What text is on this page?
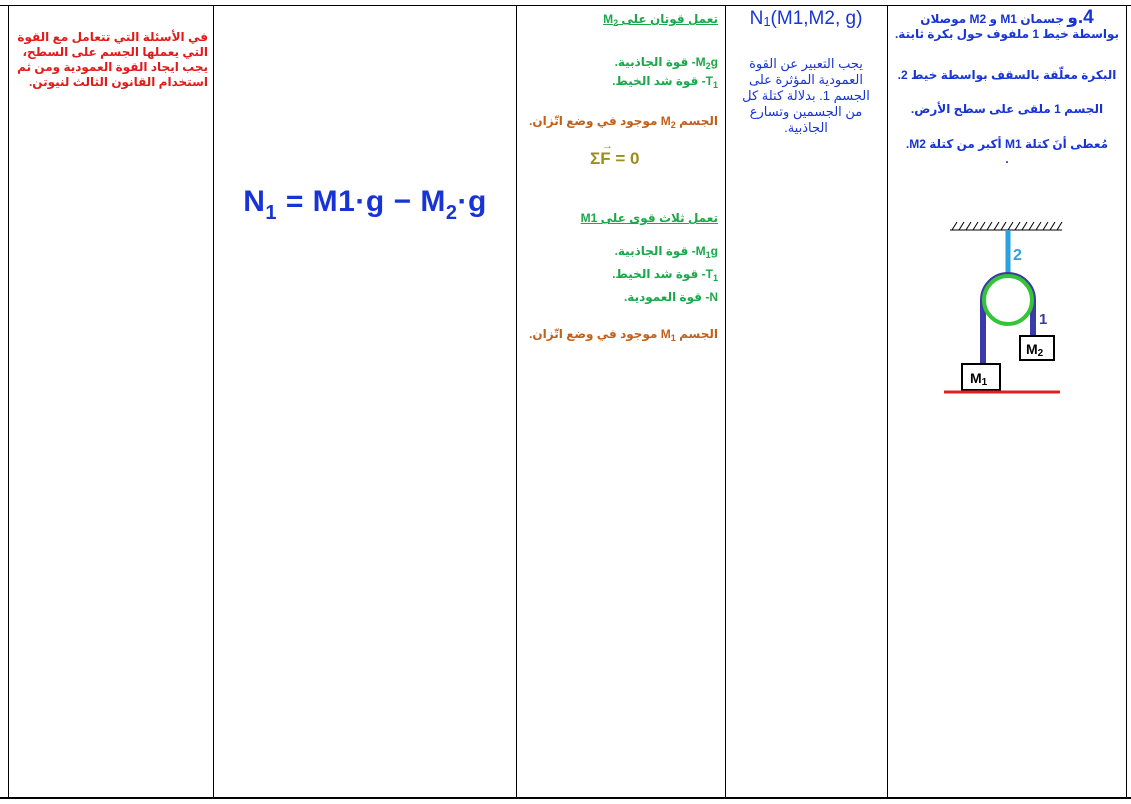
في الأسئلة التي تتعامل مع القوة

التي يعملها الجسم على السطح،

يجب ايجاد القوة العمودية ومن ثم

استخدام القانون الثالث لنيوتن.

$N_1 = M1\cdot g - M_2\cdot g$

تعمل قوتان على $M_2$

$M_2g-$ قوة الجاذبية.

$T_1-$ قوة شد الخيط.

الجسم $M_2$ موجود في وضع اتّزان.

→
ΣF = 0

تعمل ثلاث قوى على M1

$M_1g-$ قوة الجاذبية.

$T_1-$ قوة شد الخيط.

N- قوة العمودية.

الجسم $M_1$ موجود في وضع اتّزان.

N1(M1,M2, g)

يجب التعبير عن القوة

العمودية المؤثرة على

الجسم 1. بدلالة كتلة كل

من الجسمين وتسارع

الجاذبية.

4.و جسمان M1 و M2 موصلان

بواسطة خيط 1 ملفوف حول بكرة ثابتة.

البكرة معلّقة بالسقف بواسطة خيط 2.

الجسم 1 ملقى على سطح الأرض.

مُعطى أنَ كتلة M1 أكبر من كتلة M2.

.

2
1
M2
M1
